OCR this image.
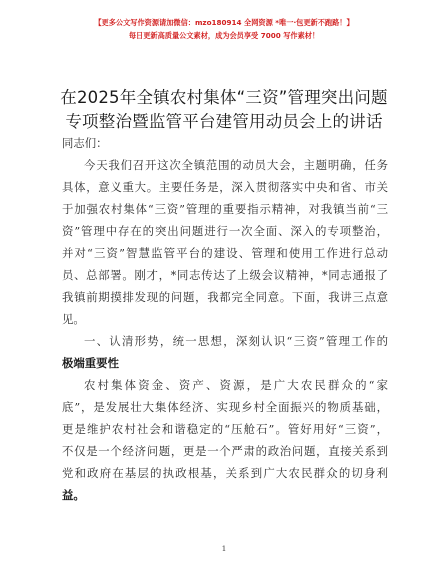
【更多公文写作资源请加微信：mzo180914 全网资源 *唯一·包更新不跑路！】
每日更新高质量公文素材，成为会员享受 7000 写作素材！
在2025年全镇农村集体“三资”管理突出问题
专项整治暨监管平台建管用动员会上的讲话
同志们：
今天我们召开这次全镇范围的动员大会，主题明确，任务
具体，意义重大。主要任务是，深入贯彻落实中央和省、市关
于加强农村集体“三资”管理的重要指示精神，对我镇当前“三
资”管理中存在的突出问题进行一次全面、深入的专项整治，
并对“三资”智慧监管平台的建设、管理和使用工作进行总动
员、总部署。刚才，*同志传达了上级会议精神，*同志通报了
我镇前期摸排发现的问题，我都完全同意。下面，我讲三点意
见。
一、认清形势，统一思想，深刻认识“三资”管理工作的
极端重要性
农村集体资金、资产、资源，是广大农民群众的“家
底”，是发展壮大集体经济、实现乡村全面振兴的物质基础，
更是维护农村社会和谐稳定的“压舱石”。管好用好“三资”，
不仅是一个经济问题，更是一个严肃的政治问题，直接关系到
党和政府在基层的执政根基，关系到广大农民群众的切身利
益。
1
